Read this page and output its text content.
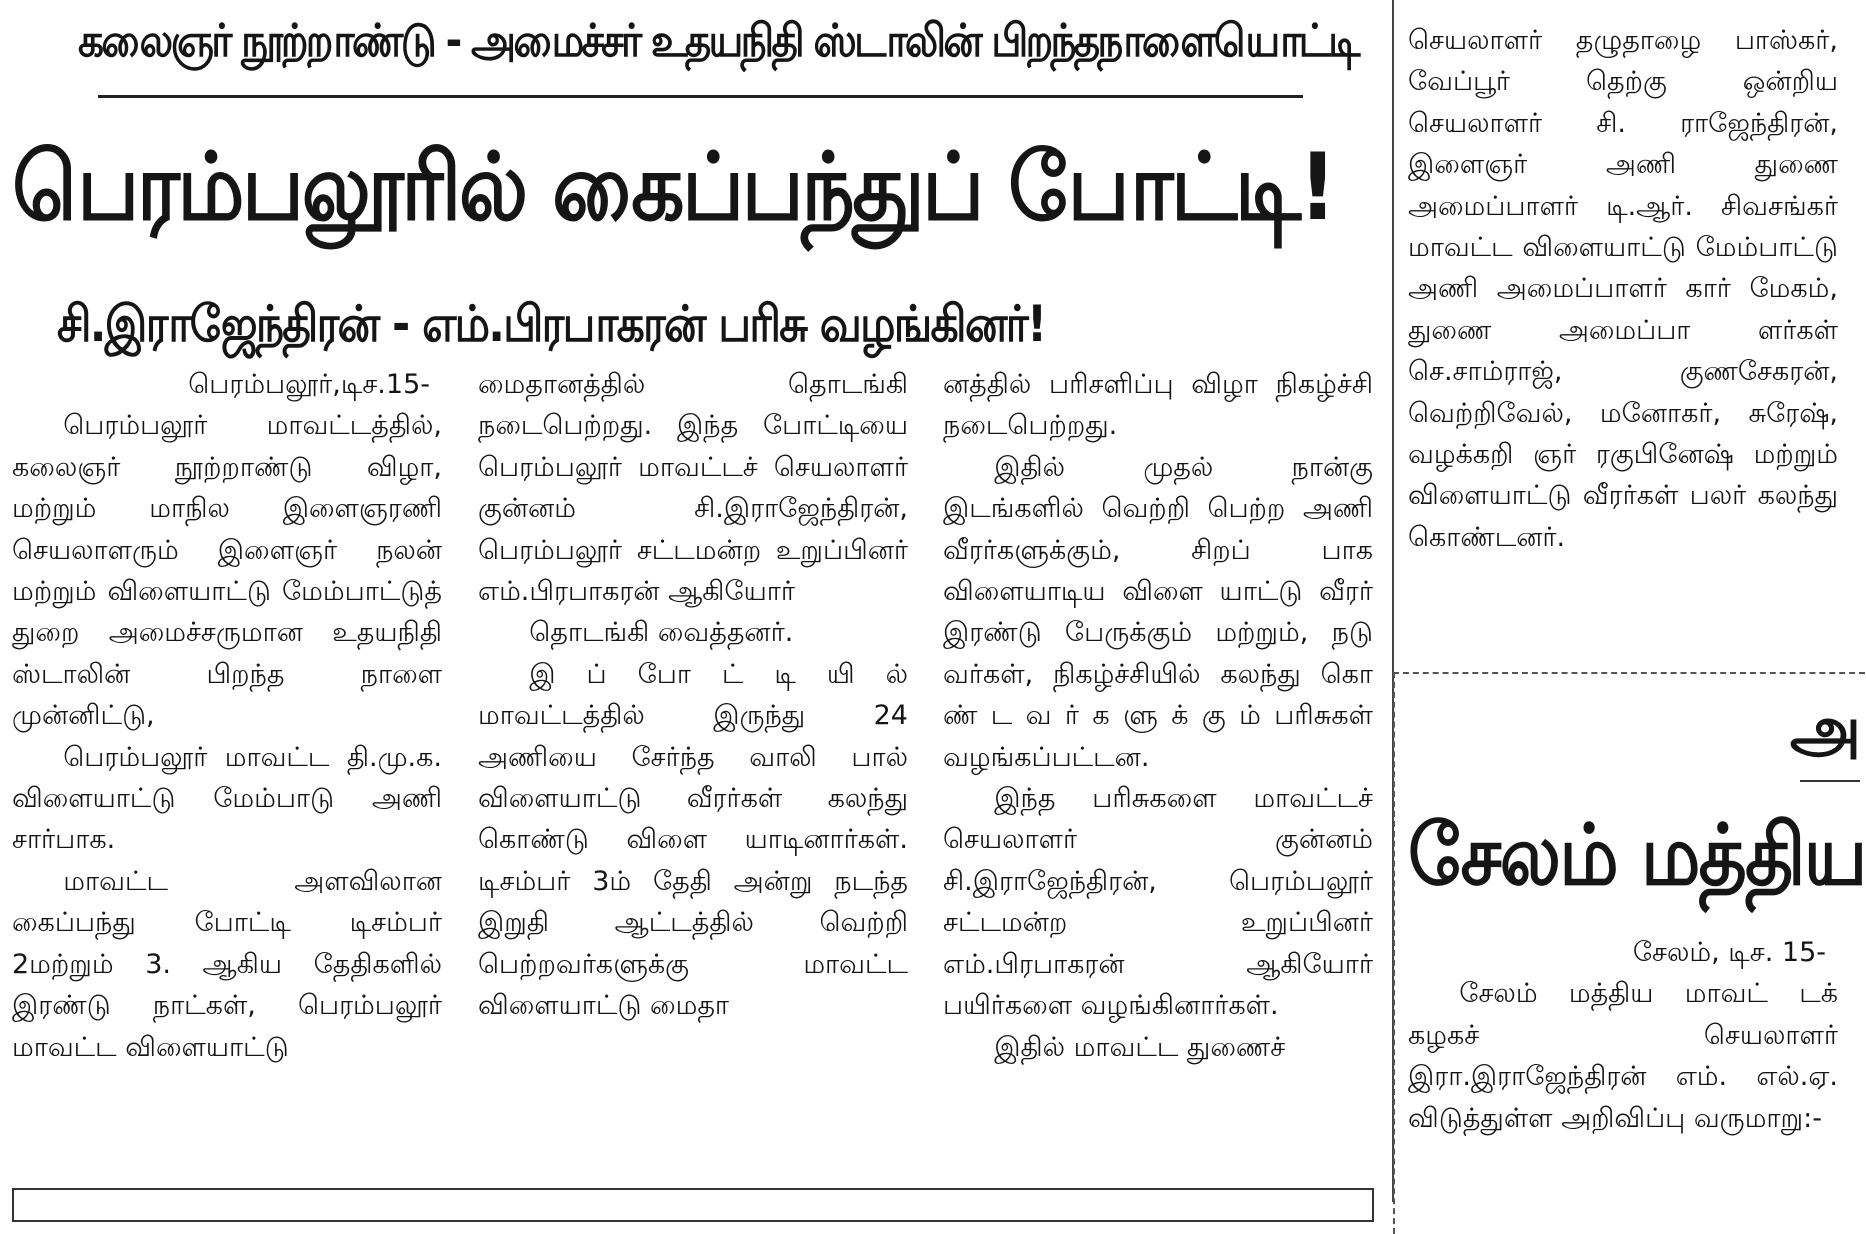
கலைஞர் நூற்றாண்டு - அமைச்சர் உதயநிதி ஸ்டாலின் பிறந்தநாளையொட்டி
பெரம்பலூரில் கைப்பந்துப் போட்டி!
சி.இராஜேந்திரன் - எம்.பிரபாகரன் பரிசு வழங்கினர்!

பெரம்பலூர்,டிச.15-

பெரம்பலூர் மாவட்டத்தில், கலைஞர் நூற்றாண்டு விழா, மற்றும் மாநில இளைஞரணி செயலாளரும் இளைஞர் நலன் மற்றும் விளையாட்டு மேம்பாட்டுத் துறை அமைச்சருமான உதயநிதி ஸ்டாலின் பிறந்த நாளை முன்னிட்டு,

பெரம்பலூர் மாவட்ட தி.மு.க. விளையாட்டு மேம்பாடு அணி சார்பாக.

மாவட்ட அளவிலான கைப்பந்து போட்டி டிசம்பர் 2மற்றும் 3. ஆகிய தேதிகளில் இரண்டு நாட்கள், பெரம்பலூர் மாவட்ட விளையாட்டு

மைதானத்தில் தொடங்கி நடைபெற்றது. இந்த போட்டியை பெரம்பலூர் மாவட்டச் செயலாளர் குன்னம் சி.இராஜேந்திரன், பெரம்பலூர் சட்டமன்ற உறுப்பினர் எம்.பிரபாகரன் ஆகியோர்

தொடங்கி வைத்தனர்.

இ ப் போ ட் டி யி ல் மாவட்டத்தில் இருந்து 24 அணியை சேர்ந்த வாலி பால் விளையாட்டு வீரர்கள் கலந்து கொண்டு விளை யாடினார்கள். டிசம்பர் 3ம் தேதி அன்று நடந்த இறுதி ஆட்டத்தில் வெற்றி பெற்றவர்களுக்கு மாவட்ட விளையாட்டு மைதா

னத்தில் பரிசளிப்பு விழா நிகழ்ச்சி நடைபெற்றது.

இதில் முதல் நான்கு இடங்களில் வெற்றி பெற்ற அணி வீரர்களுக்கும், சிறப் பாக விளையாடிய விளை யாட்டு வீரர் இரண்டு பேருக்கும் மற்றும், நடு வர்கள், நிகழ்ச்சியில் கலந்து கொ ண் ட வ ர் க ளு க் கு ம் பரிசுகள் வழங்கப்பட்டன.

இந்த பரிசுகளை மாவட்டச் செயலாளர் குன்னம் சி.இராஜேந்திரன், பெரம்பலூர் சட்டமன்ற உறுப்பினர் எம்.பிரபாகரன் ஆகியோர் பயிர்களை வழங்கினார்கள்.

இதில் மாவட்ட துணைச்

செயலாளர் தழுதாழை பாஸ்கர், வேப்பூர் தெற்கு ஒன்றிய செயலாளர் சி. ராஜேந்திரன், இளைஞர் அணி துணை அமைப்பாளர் டி.ஆர். சிவசங்கர் மாவட்ட விளையாட்டு மேம்பாட்டு அணி அமைப்பாளர் கார் மேகம், துணை அமைப்பா ளர்கள் செ.சாம்ராஜ், குணசேகரன், வெற்றிவேல், மனோகர், சுரேஷ், வழக்கறி ஞர் ரகுபினேஷ் மற்றும் விளையாட்டு வீரர்கள் பலர் கலந்து கொண்டனர்.

அ
சேலம் மத்திய

சேலம், டிச. 15-

சேலம் மத்திய மாவட் டக் கழகச் செயலாளர் இரா.இராஜேந்திரன் எம். எல்.ஏ. விடுத்துள்ள அறிவிப்பு வருமாறு:-
